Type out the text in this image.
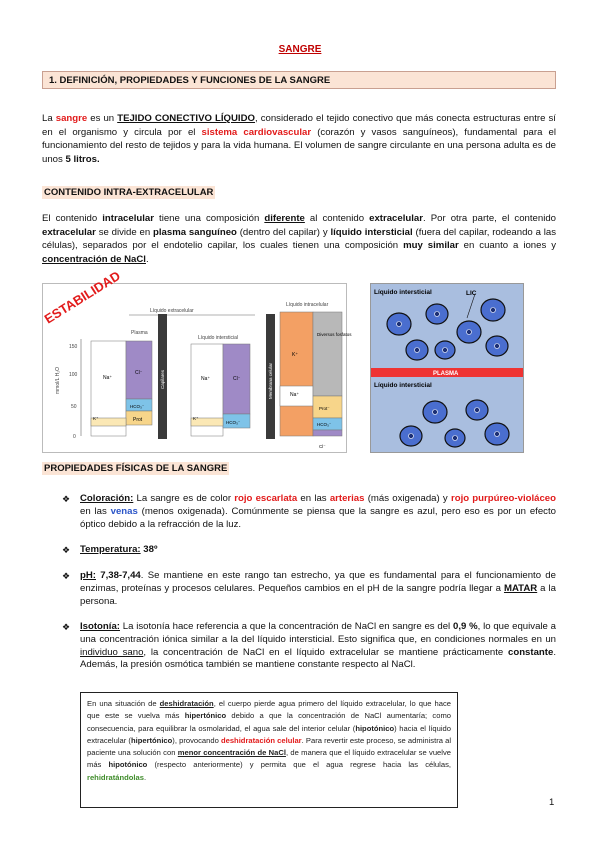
SANGRE
1. DEFINICIÓN, PROPIEDADES Y FUNCIONES DE LA SANGRE
La sangre es un TEJIDO CONECTIVO LÍQUIDO, considerado el tejido conectivo que más conecta estructuras entre sí en el organismo y circula por el sistema cardiovascular (corazón y vasos sanguíneos), fundamental para el funcionamiento del resto de tejidos y para la vida humana. El volumen de sangre circulante en una persona adulta es de unos 5 litros.
CONTENIDO INTRA-EXTRACELULAR
El contenido intracelular tiene una composición diferente al contenido extracelular. Por otra parte, el contenido extracelular se divide en plasma sanguíneo (dentro del capilar) y líquido intersticial (fuera del capilar, rodeando a las células), separados por el endotelio capilar, los cuales tienen una composición muy similar en cuanto a iones y concentración de NaCl.
ESTABILIDAD	Líquido extracelular
Líquido intracelular
Plasma
Líquido intersticial
mmol/L H₂O
150
100
50
0
Na⁺
Cl⁻
HCO₃⁻
Prot
K⁺
Capilares	Na⁺	Cl⁻
HCO₃⁻
K⁺
Membrana celular
K⁺
Na⁺
Diversos fosfatos
Prot⁻
HCO₃⁻
Cl⁻
Líquido intersticial	LIC
PLASMA
Líquido intersticial
PROPIEDADES FÍSICAS DE LA SANGRE
❖ Coloración: La sangre es de color rojo escarlata en las arterias (más oxigenada) y rojo purpúreo-violáceo en las venas (menos oxigenada). Comúnmente se piensa que la sangre es azul, pero eso es por un efecto óptico debido a la refracción de la luz.
❖ Temperatura: 38º
❖ pH: 7,38-7,44. Se mantiene en este rango tan estrecho, ya que es fundamental para el funcionamiento de enzimas, proteínas y procesos celulares. Pequeños cambios en el pH de la sangre podría llegar a MATAR a la persona.
❖ Isotonía: La isotonía hace referencia a que la concentración de NaCl en sangre es del 0,9 %, lo que equivale a una concentración iónica similar a la del líquido intersticial. Esto significa que, en condiciones normales en un individuo sano, la concentración de NaCl en el líquido extracelular se mantiene prácticamente constante. Además, la presión osmótica también se mantiene constante respecto al NaCl.
En una situación de deshidratación, el cuerpo pierde agua primero del líquido extracelular, lo que hace que este se vuelva más hipertónico debido a que la concentración de NaCl aumentaría; como consecuencia, para equilibrar la osmolaridad, el agua sale del interior celular (hipotónico) hacia el líquido extracelular (hipertónico), provocando deshidratación celular. Para revertir este proceso, se administra al paciente una solución con menor concentración de NaCl, de manera que el líquido extracelular se vuelve más hipotónico (respecto anteriormente) y permita que el agua regrese hacia las células, rehidratándolas.
1
